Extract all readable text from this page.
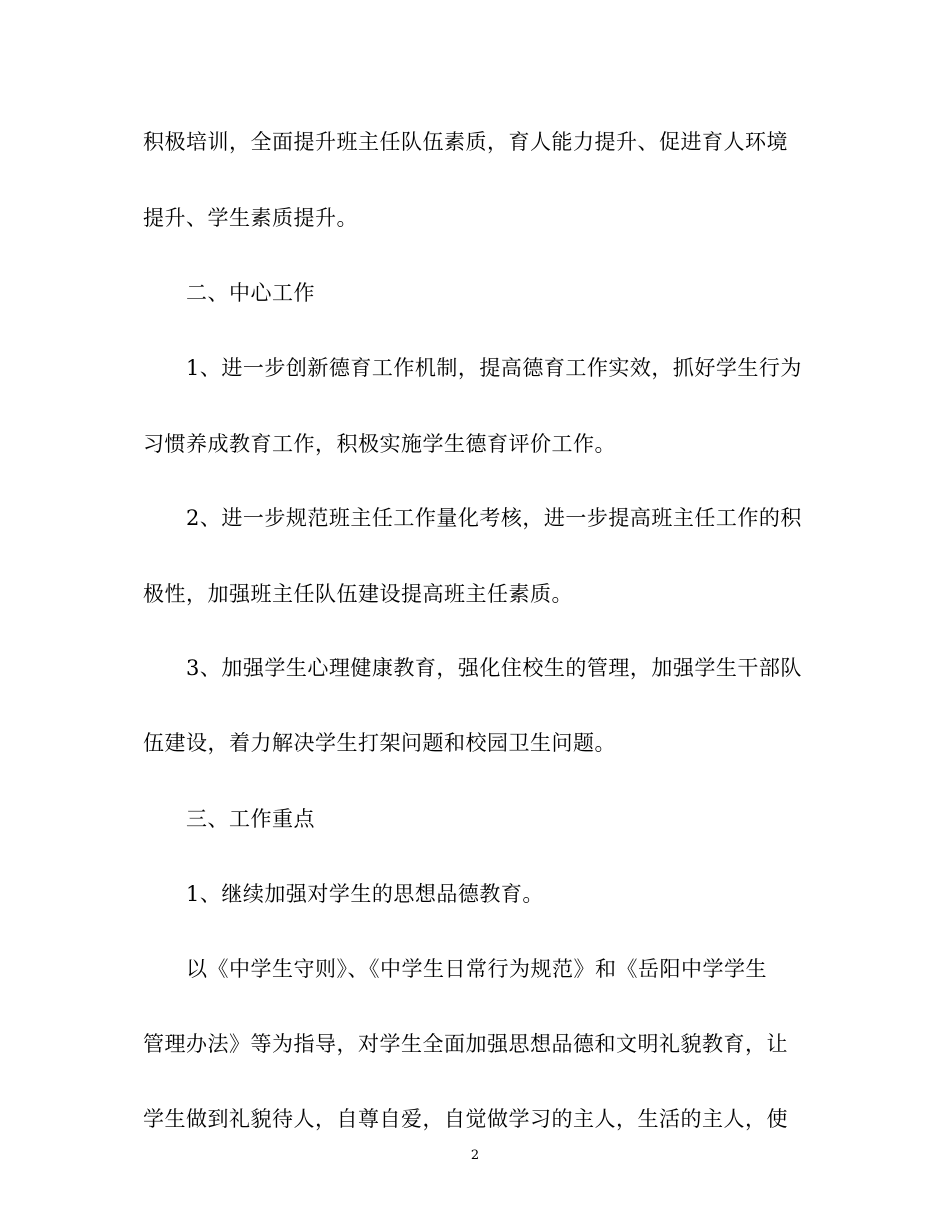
积极培训，全面提升班主任队伍素质，育人能力提升、促进育人环境
提升、学生素质提升。
二、中心工作
1、进一步创新德育工作机制，提高德育工作实效，抓好学生行为
习惯养成教育工作，积极实施学生德育评价工作。
2、进一步规范班主任工作量化考核，进一步提高班主任工作的积
极性，加强班主任队伍建设提高班主任素质。
3、加强学生心理健康教育，强化住校生的管理，加强学生干部队
伍建设，着力解决学生打架问题和校园卫生问题。
三、工作重点
1、继续加强对学生的思想品德教育。
以《中学生守则》、《中学生日常行为规范》和《岳阳中学学生
管理办法》等为指导，对学生全面加强思想品德和文明礼貌教育，让
学生做到礼貌待人，自尊自爱，自觉做学习的主人，生活的主人，使
2
